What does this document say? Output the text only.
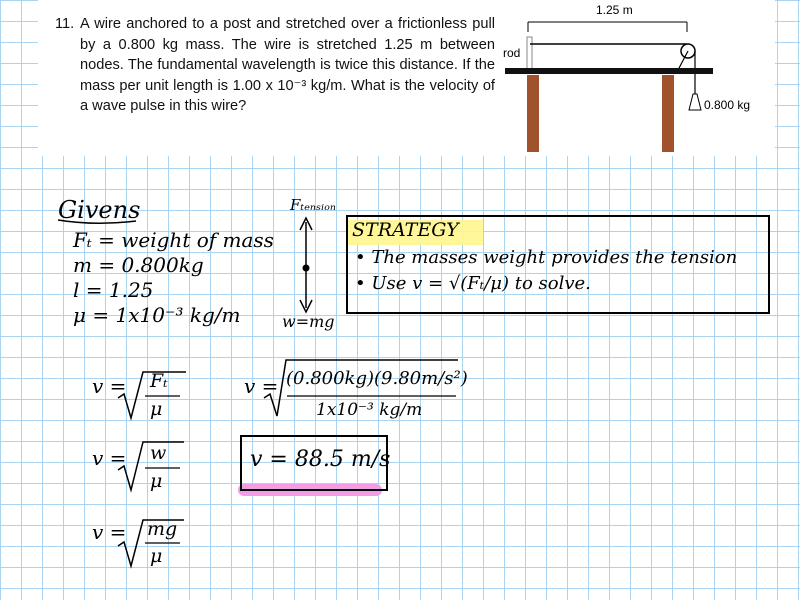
11. A wire anchored to a post and stretched over a frictionless pull by a 0.800 kg mass. The wire is stretched 1.25 m between nodes. The fundamental wavelength is twice this distance. If the mass per unit length is 1.00 x 10⁻³ kg/m. What is the velocity of a wave pulse in this wire?
1.25 m
rod
0.800 kg
Givens
Fₜ = weight of mass
m = 0.800kg
l = 1.25
μ = 1x10⁻³ kg/m
Fₜₑₙₛᵢₒₙ
w=mg
STRATEGY
• The masses weight provides the tension
• Use v = √(Fₜ/μ) to solve.
v = Fₜ
μ
v = w
μ
v = mg
μ
v = (0.800kg)(9.80m/s²)
1x10⁻³ kg/m
v = 88.5 m/s
